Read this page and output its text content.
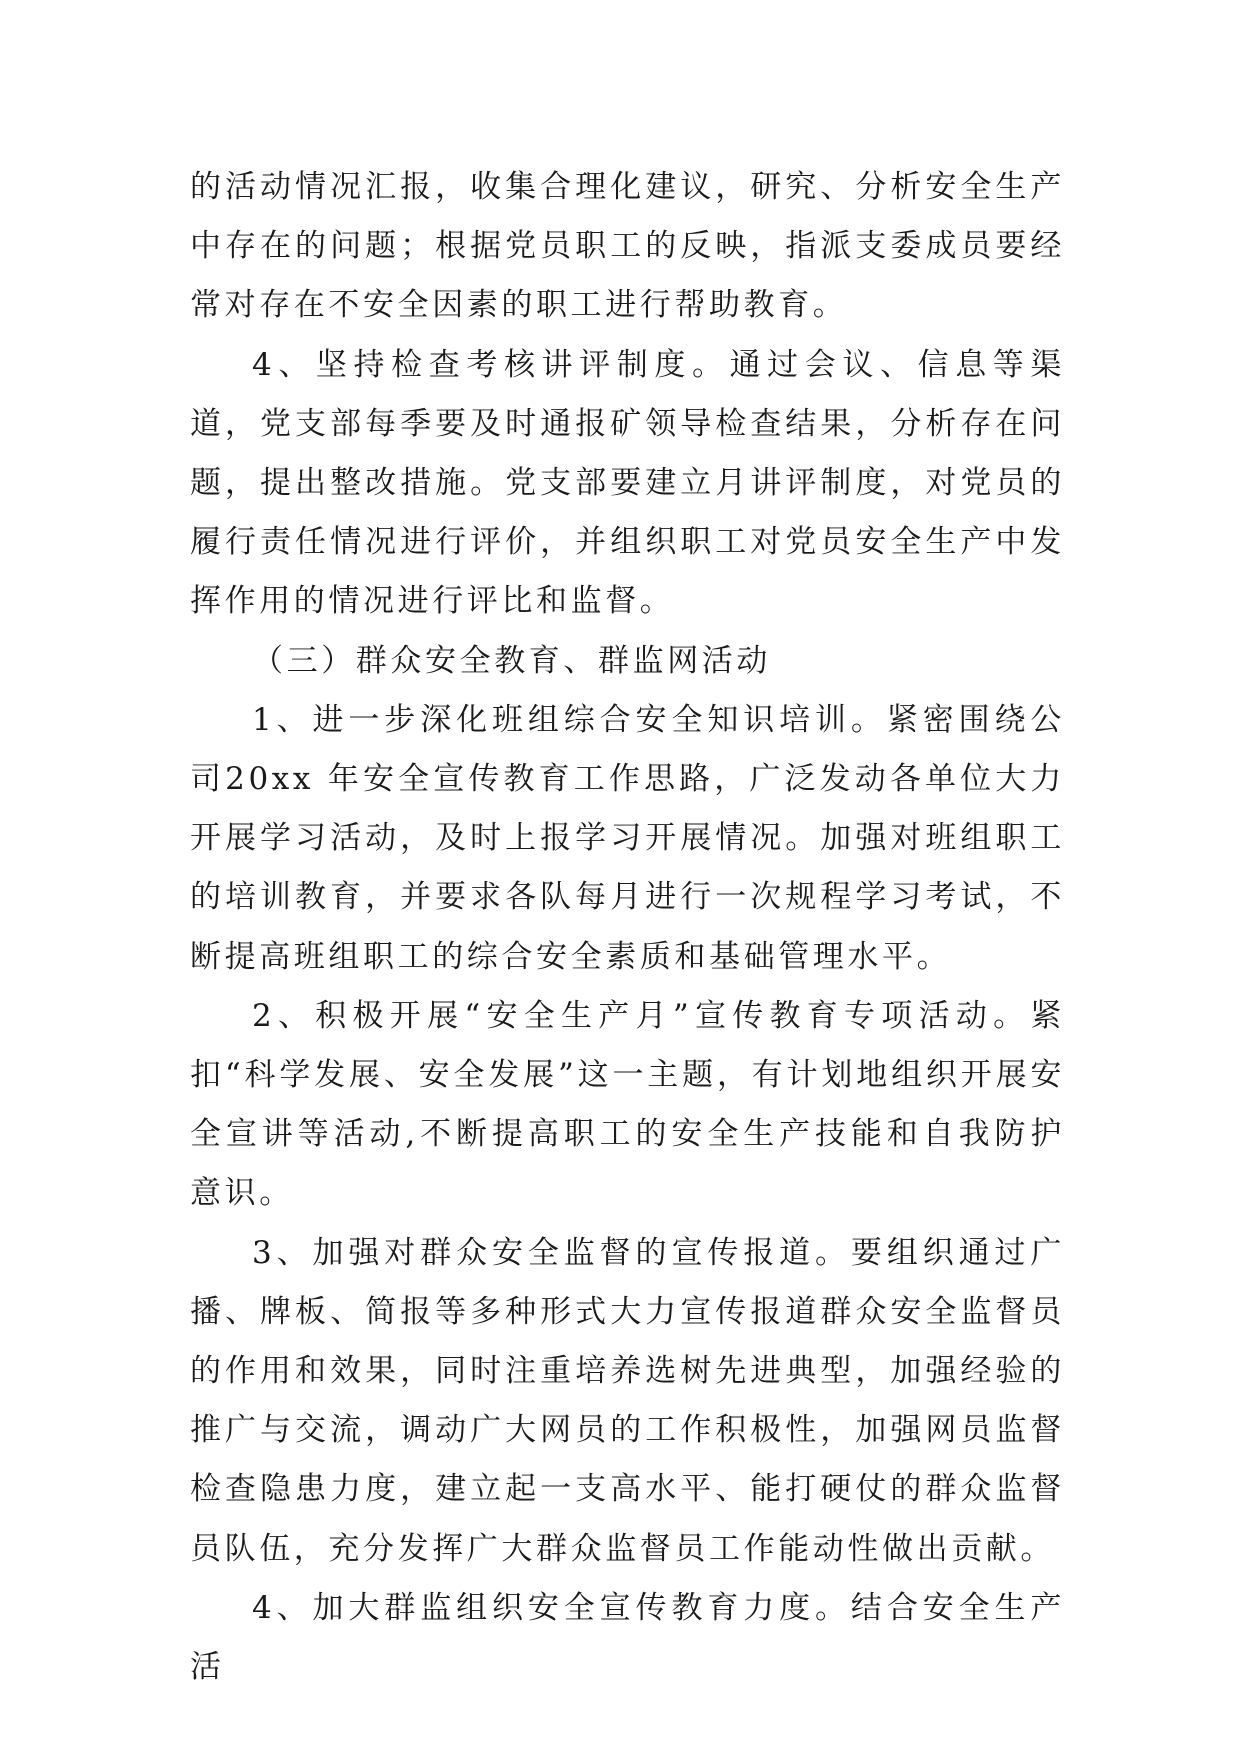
的活动情况汇报，收集合理化建议，研究、分析安全生产中存在的问题；根据党员职工的反映，指派支委成员要经常对存在不安全因素的职工进行帮助教育。

4、坚持检查考核讲评制度。通过会议、信息等渠道，党支部每季要及时通报矿领导检查结果，分析存在问题，提出整改措施。党支部要建立月讲评制度，对党员的履行责任情况进行评价，并组织职工对党员安全生产中发挥作用的情况进行评比和监督。

（三）群众安全教育、群监网活动

1、进一步深化班组综合安全知识培训。紧密围绕公司20xx 年安全宣传教育工作思路，广泛发动各单位大力开展学习活动，及时上报学习开展情况。加强对班组职工的培训教育，并要求各队每月进行一次规程学习考试，不断提高班组职工的综合安全素质和基础管理水平。

2、积极开展“安全生产月”宣传教育专项活动。紧扣“科学发展、安全发展”这一主题，有计划地组织开展安全宣讲等活动,不断提高职工的安全生产技能和自我防护意识。

3、加强对群众安全监督的宣传报道。要组织通过广播、牌板、简报等多种形式大力宣传报道群众安全监督员的作用和效果，同时注重培养选树先进典型，加强经验的推广与交流，调动广大网员的工作积极性，加强网员监督检查隐患力度，建立起一支高水平、能打硬仗的群众监督员队伍，充分发挥广大群众监督员工作能动性做出贡献。

4、加大群监组织安全宣传教育力度。结合安全生产活
